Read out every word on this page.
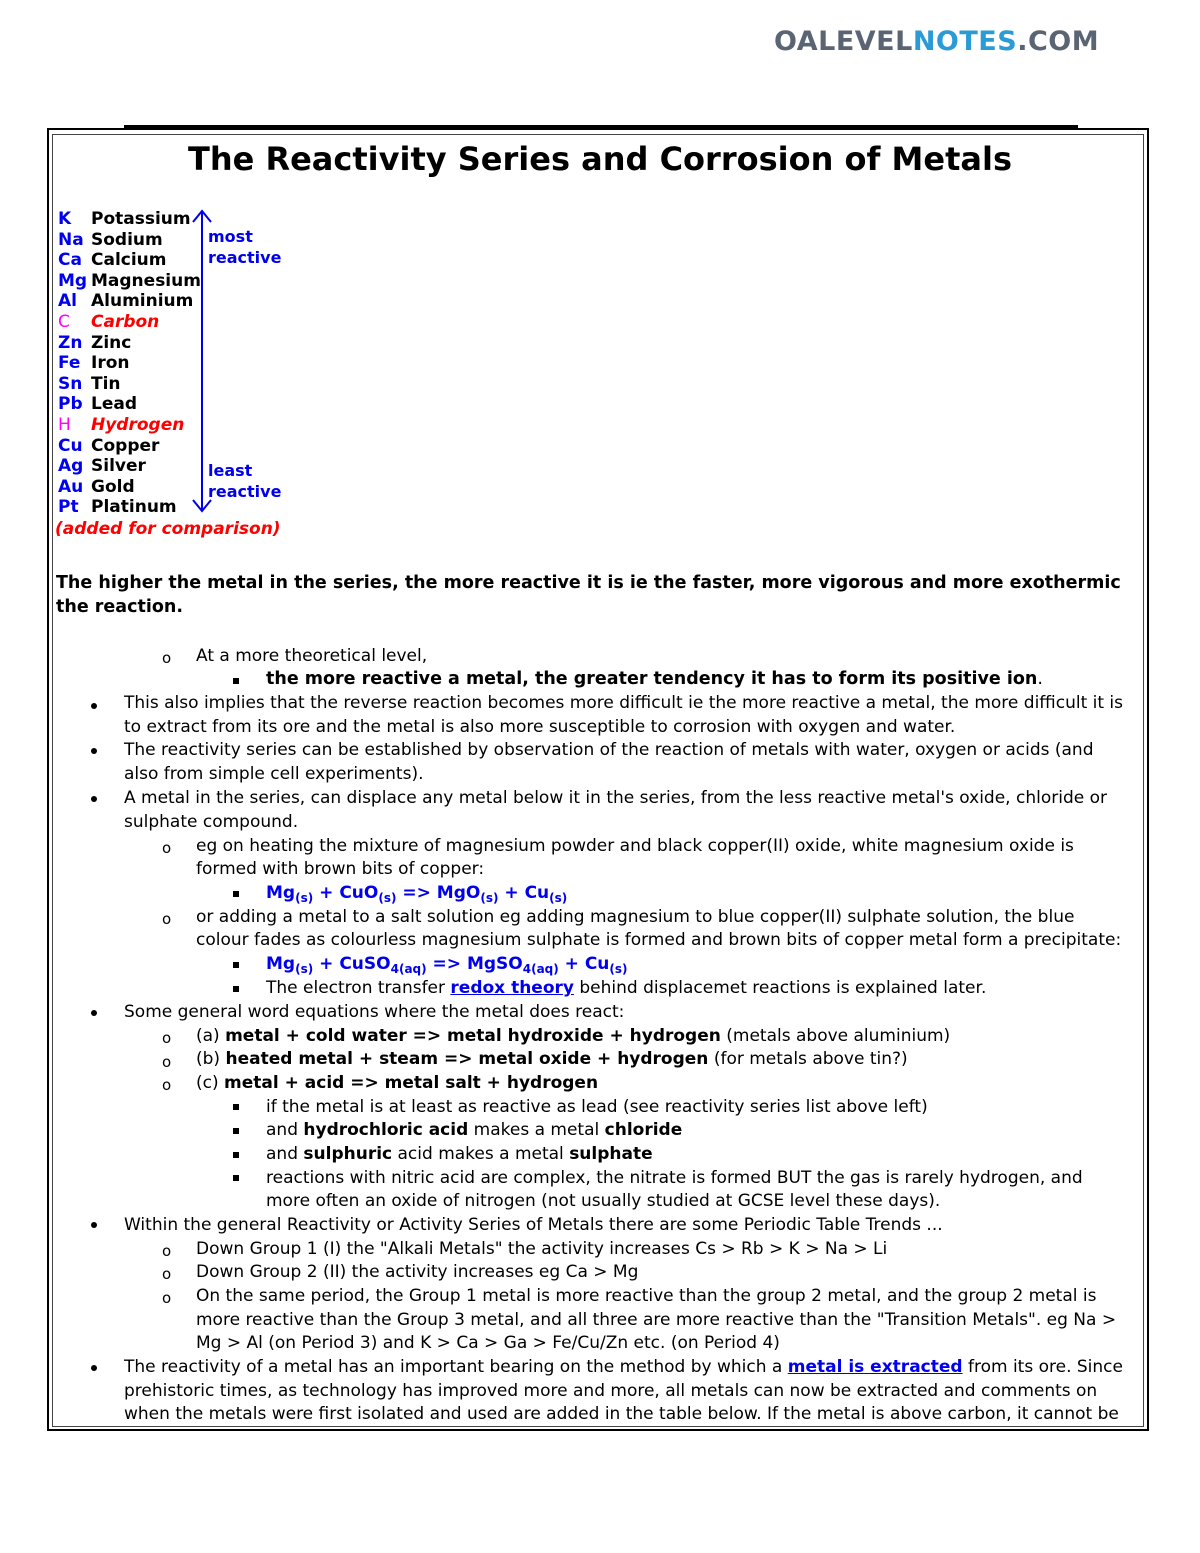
OALEVELNOTES.COM
The Reactivity Series and Corrosion of Metals
K Potassium
Na Sodium
Ca Calcium
Mg Magnesium
Al Aluminium
C Carbon
Zn Zinc
Fe Iron
Sn Tin
Pb Lead
H Hydrogen
Cu Copper
Ag Silver
Au Gold
Pt Platinum
most
reactive
least
reactive
(added for comparison)
The higher the metal in the series, the more reactive it is ie the faster, more vigorous and more exothermic the reaction.
o
o
o
o
o
o
o
o
o
At a more theoretical level,
the more reactive a metal, the greater tendency it has to form its positive ion.
This also implies that the reverse reaction becomes more difficult ie the more reactive a metal, the more difficult it is
to extract from its ore and the metal is also more susceptible to corrosion with oxygen and water.
The reactivity series can be established by observation of the reaction of metals with water, oxygen or acids (and
also from simple cell experiments).
A metal in the series, can displace any metal below it in the series, from the less reactive metal's oxide, chloride or
sulphate compound.
eg on heating the mixture of magnesium powder and black copper(II) oxide, white magnesium oxide is
formed with brown bits of copper:
$Mg_{(s)} + CuO_{(s)} => MgO_{(s)} + Cu_{(s)}$
or adding a metal to a salt solution eg adding magnesium to blue copper(II) sulphate solution, the blue
colour fades as colourless magnesium sulphate is formed and brown bits of copper metal form a precipitate:
$Mg_{(s)}$ + CuSO$_{4(aq)}$ => MgSO$_{4(aq)}$ + $Cu_{(s)}$
The electron transfer redox theory behind displacemet reactions is explained later.
Some general word equations where the metal does react:
(a) metal + cold water => metal hydroxide + hydrogen (metals above aluminium)
(b) heated metal + steam => metal oxide + hydrogen (for metals above tin?)
(c) metal + acid => metal salt + hydrogen
if the metal is at least as reactive as lead (see reactivity series list above left)
and hydrochloric acid makes a metal chloride
and sulphuric acid makes a metal sulphate
reactions with nitric acid are complex, the nitrate is formed BUT the gas is rarely hydrogen, and
more often an oxide of nitrogen (not usually studied at GCSE level these days).
Within the general Reactivity or Activity Series of Metals there are some Periodic Table Trends ...
Down Group 1 (I) the "Alkali Metals" the activity increases Cs > Rb > K > Na > Li
Down Group 2 (II) the activity increases eg Ca > Mg
On the same period, the Group 1 metal is more reactive than the group 2 metal, and the group 2 metal is
more reactive than the Group 3 metal, and all three are more reactive than the "Transition Metals". eg Na >
Mg > Al (on Period 3) and K > Ca > Ga > Fe/Cu/Zn etc. (on Period 4)
The reactivity of a metal has an important bearing on the method by which a metal is extracted from its ore. Since
prehistoric times, as technology has improved more and more, all metals can now be extracted and comments on
when the metals were first isolated and used are added in the table below. If the metal is above carbon, it cannot be
